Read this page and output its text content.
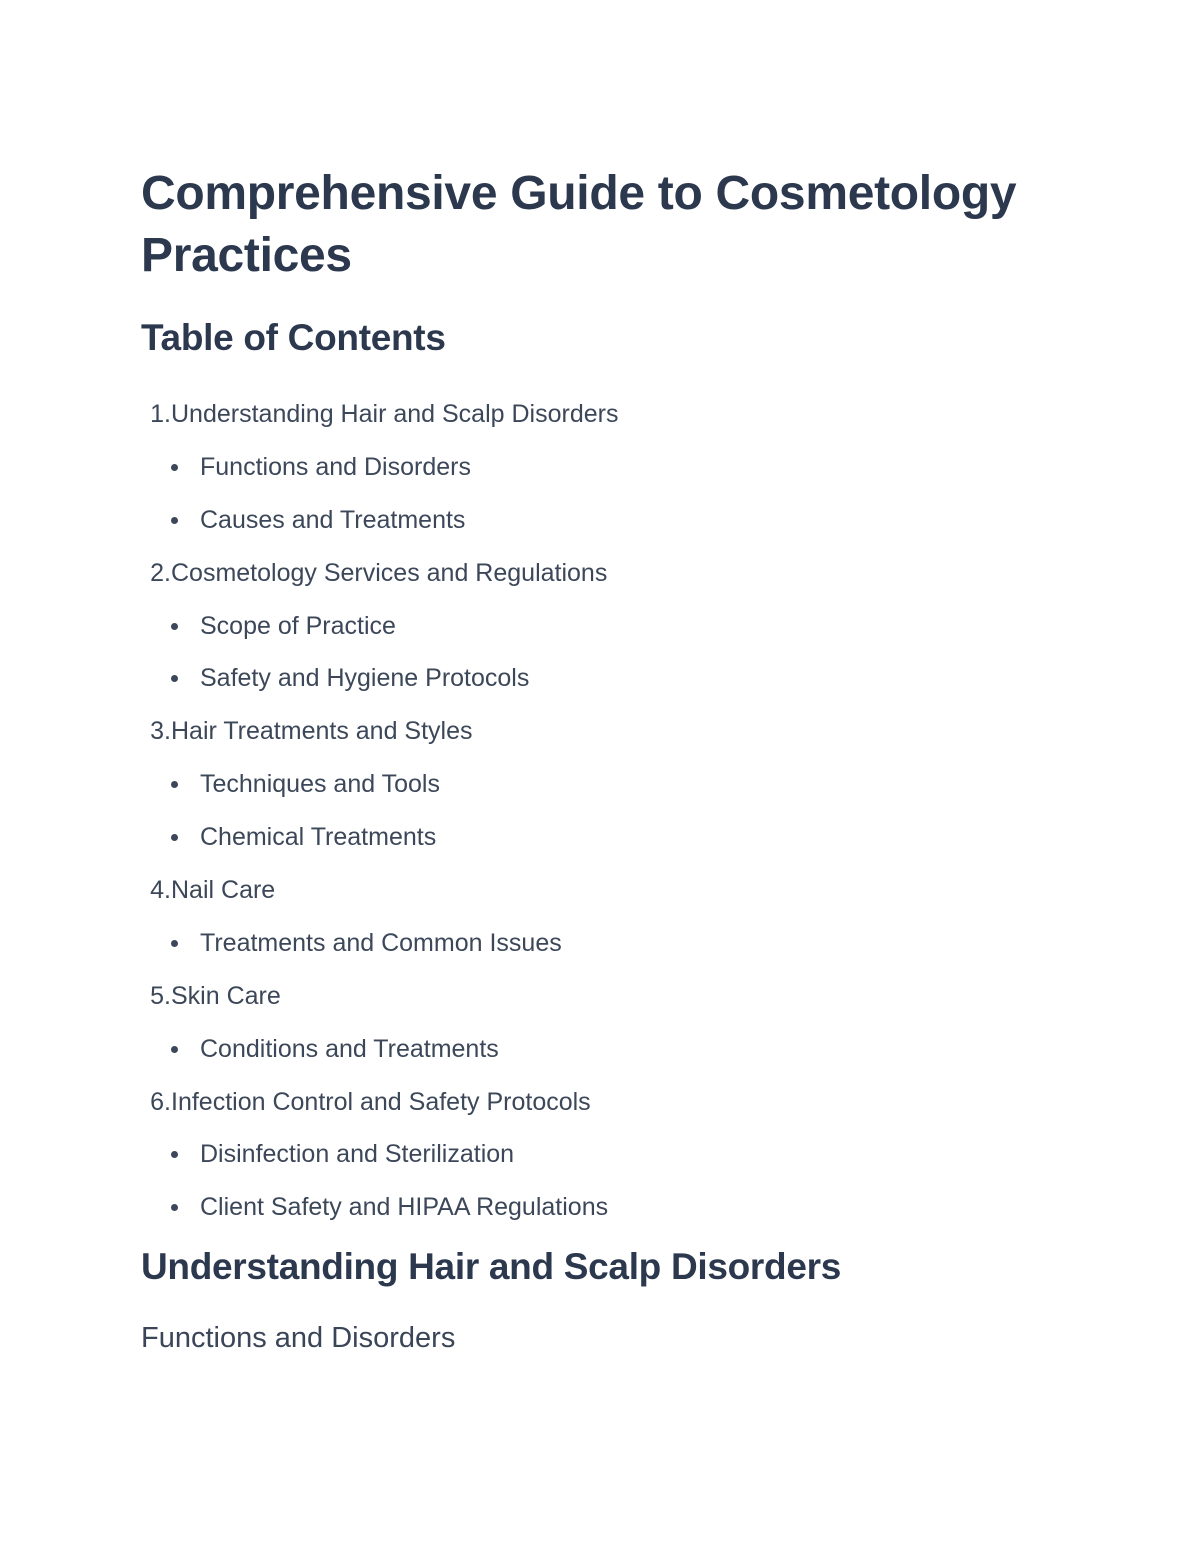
Comprehensive Guide to Cosmetology Practices
Table of Contents
1. Understanding Hair and Scalp Disorders
Functions and Disorders
Causes and Treatments
2. Cosmetology Services and Regulations
Scope of Practice
Safety and Hygiene Protocols
3. Hair Treatments and Styles
Techniques and Tools
Chemical Treatments
4. Nail Care
Treatments and Common Issues
5. Skin Care
Conditions and Treatments
6. Infection Control and Safety Protocols
Disinfection and Sterilization
Client Safety and HIPAA Regulations
Understanding Hair and Scalp Disorders
Functions and Disorders
